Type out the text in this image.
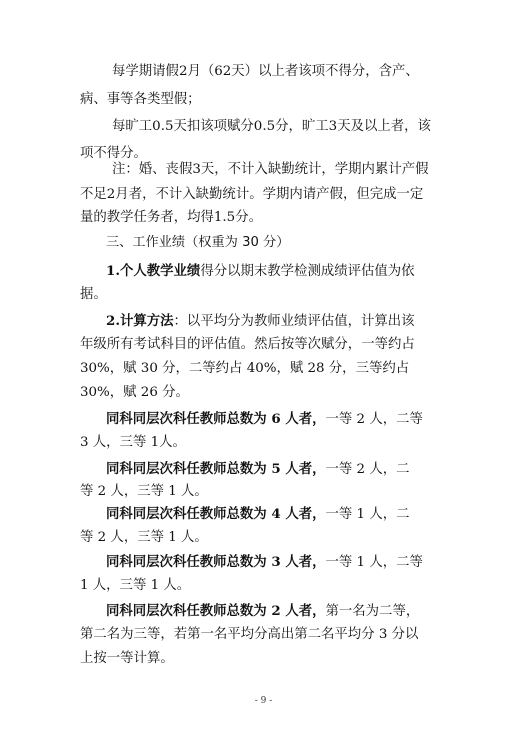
每学期请假2月（62天）以上者该项不得分，含产、
病、事等各类型假；
每旷工0.5天扣该项赋分0.5分，旷工3天及以上者，该
项不得分。
注：婚、丧假3天，不计入缺勤统计，学期内累计产假
不足2月者，不计入缺勤统计。学期内请产假，但完成一定
量的教学任务者，均得1.5分。
三、工作业绩（权重为 30 分）
1.个人教学业绩得分以期末教学检测成绩评估值为依
据。
2.计算方法：以平均分为教师业绩评估值，计算出该
年级所有考试科目的评估值。然后按等次赋分，一等约占
30%，赋 30 分，二等约占 40%，赋 28 分，三等约占
30%，赋 26 分。
同科同层次科任教师总数为 6 人者，一等 2 人，二等
3 人，三等 1人。
同科同层次科任教师总数为 5 人者，一等 2 人，二
等 2 人，三等 1 人。
同科同层次科任教师总数为 4 人者，一等 1 人，二
等 2 人，三等 1 人。
同科同层次科任教师总数为 3 人者，一等 1 人，二等
1 人，三等 1 人。
同科同层次科任教师总数为 2 人者，第一名为二等，
第二名为三等，若第一名平均分高出第二名平均分 3 分以
上按一等计算。
- 9 -
